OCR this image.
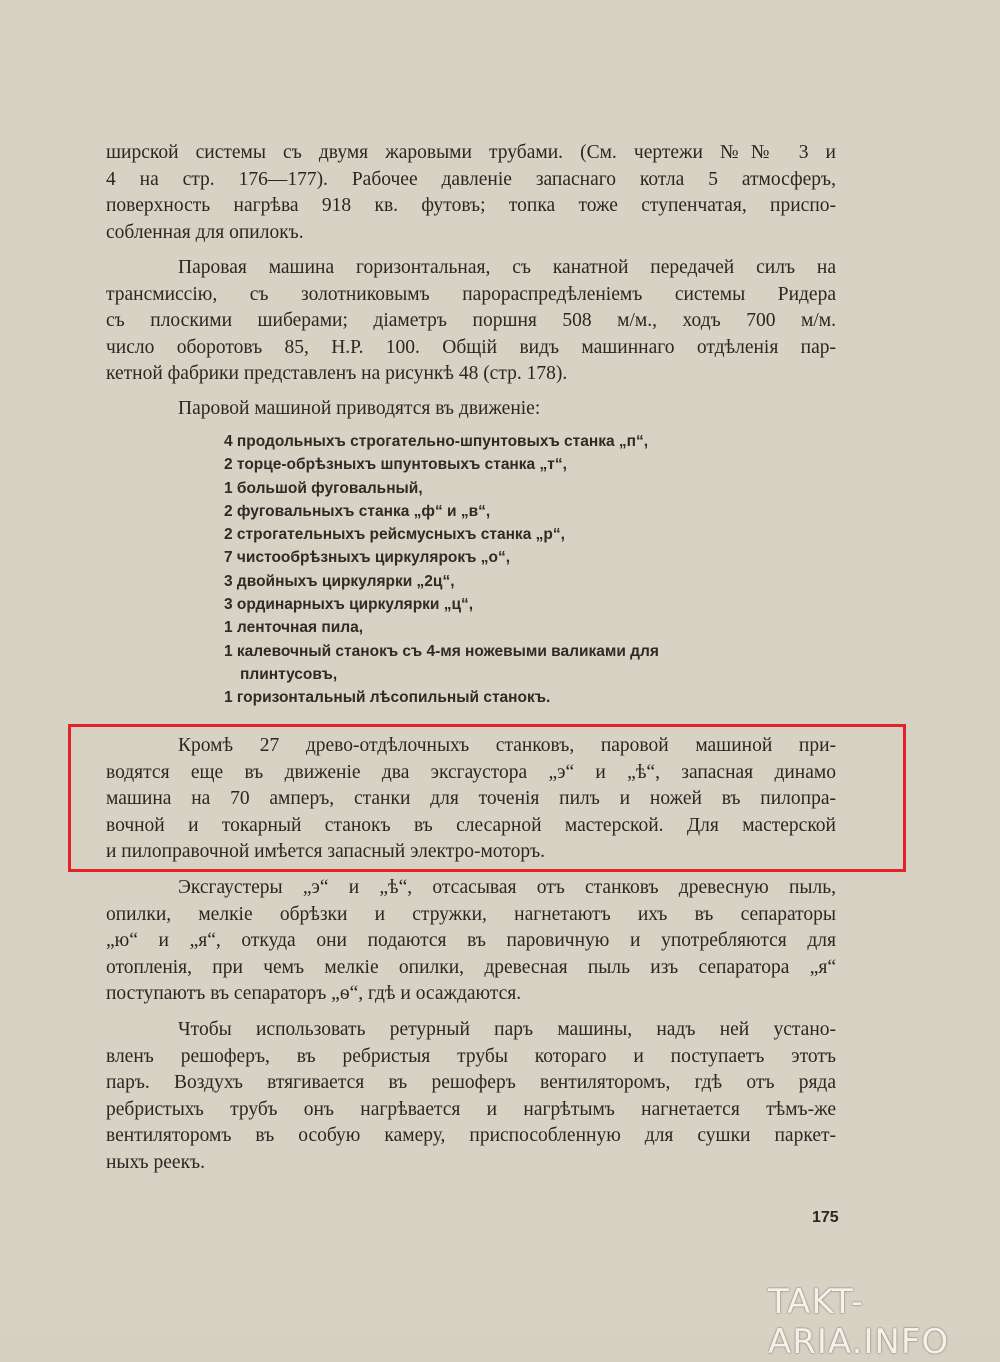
ширской системы съ двумя жаровыми трубами. (См. чертежи №№ 3 и
4 на стр. 176—177). Рабочее давленіе запаснаго котла 5 атмосферъ,
поверхность нагрѣва 918 кв. футовъ; топка тоже ступенчатая, приспо-
собленная для опилокъ.
Паровая машина горизонтальная, съ канатной передачей силъ на
трансмиссію, съ золотниковымъ парораспредѣленіемъ системы Ридера
съ плоскими шиберами; діаметръ поршня 508 м/м., ходъ 700 м/м.
число оборотовъ 85, Н.Р. 100. Общій видъ машиннаго отдѣленія пар-
кетной фабрики представленъ на рисункѣ 48 (стр. 178).
Паровой машиной приводятся въ движеніе:
4 продольныхъ строгательно-шпунтовыхъ станка „п“,
2 торце-обрѣзныхъ шпунтовыхъ станка „т“,
1 большой фуговальный,
2 фуговальныхъ станка „ф“ и „в“,
2 строгательныхъ рейсмусныхъ станка „р“,
7 чистообрѣзныхъ циркулярокъ „о“,
3 двойныхъ циркулярки „2ц“,
3 ординарныхъ циркулярки „ц“,
1 ленточная пила,
1 калевочный станокъ съ 4-мя ножевыми валиками для
плинтусовъ,
1 горизонтальный лѣсопильный станокъ.
Кромѣ 27 древо-отдѣлочныхъ станковъ, паровой машиной при-
водятся еще въ движеніе два эксгаустора „э“ и „ѣ“, запасная динамо
машина на 70 амперъ, станки для точенія пилъ и ножей въ пилопра-
вочной и токарный станокъ въ слесарной мастерской. Для мастерской
и пилоправочной имѣется запасный электро-моторъ.
Эксгаустеры „э“ и „ѣ“, отсасывая отъ станковъ древесную пыль,
опилки, мелкіе обрѣзки и стружки, нагнетаютъ ихъ въ сепараторы
„ю“ и „я“, откуда они подаются въ паровичную и употребляются для
отопленія, при чемъ мелкіе опилки, древесная пыль изъ сепаратора „я“
поступаютъ въ сепараторъ „ѳ“, гдѣ и осаждаются.
Чтобы использовать ретурный паръ машины, надъ ней устано-
вленъ решоферъ, въ ребристыя трубы котораго и поступаетъ этотъ
паръ. Воздухъ втягивается въ решоферъ вентиляторомъ, гдѣ отъ ряда
ребристыхъ трубъ онъ нагрѣвается и нагрѣтымъ нагнетается тѣмъ-же
вентиляторомъ въ особую камеру, приспособленную для сушки паркет-
ныхъ реекъ.
175
TAKT-ARIA.INFO
